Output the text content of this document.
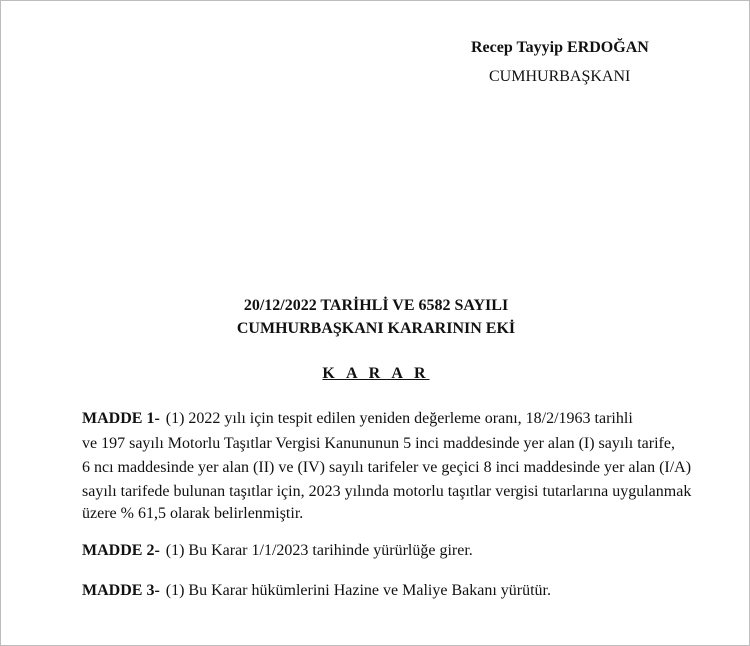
Recep Tayyip ERDOĞAN
CUMHURBAŞKANI
20/12/2022 TARİHLİ VE 6582 SAYILI
CUMHURBAŞKANI KARARININ EKİ
K A R A R
MADDE 1- (1) 2022 yılı için tespit edilen yeniden değerleme oranı, 18/2/1963 tarihli
ve 197 sayılı Motorlu Taşıtlar Vergisi Kanununun 5 inci maddesinde yer alan (I) sayılı tarife,
6 ncı maddesinde yer alan (II) ve (IV) sayılı tarifeler ve geçici 8 inci maddesinde yer alan (I/A)
sayılı tarifede bulunan taşıtlar için, 2023 yılında motorlu taşıtlar vergisi tutarlarına uygulanmak
üzere % 61,5 olarak belirlenmiştir.
MADDE 2- (1) Bu Karar 1/1/2023 tarihinde yürürlüğe girer.
MADDE 3- (1) Bu Karar hükümlerini Hazine ve Maliye Bakanı yürütür.
